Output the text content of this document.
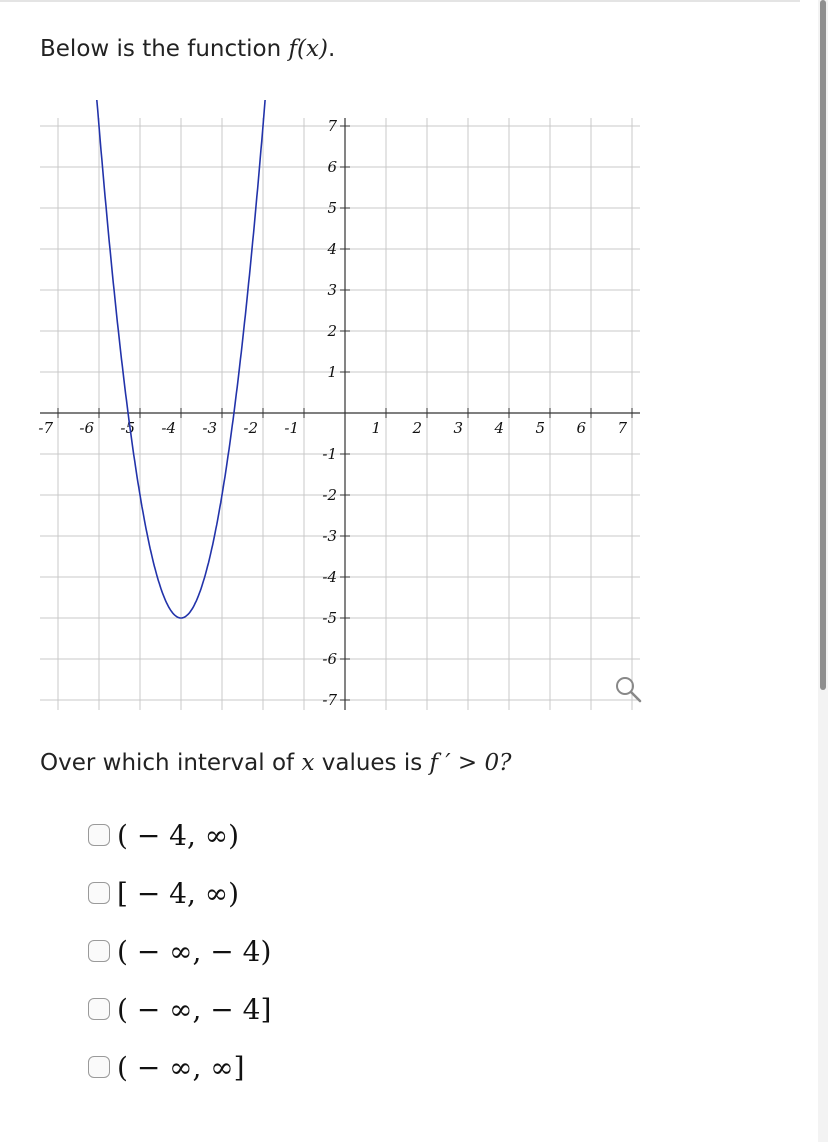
Below is the function f(x).
-7 -6 -5 -4 -3 -2 -1	1 2 3 4 5 6 7
7
6
5
4
3
2
1
-1
-2
-3
-4
-5
-6
-7
Over which interval of x values is f ′ > 0?
( − 4, ∞)
[ − 4, ∞)
( − ∞, − 4)
( − ∞, − 4]
( − ∞, ∞]
